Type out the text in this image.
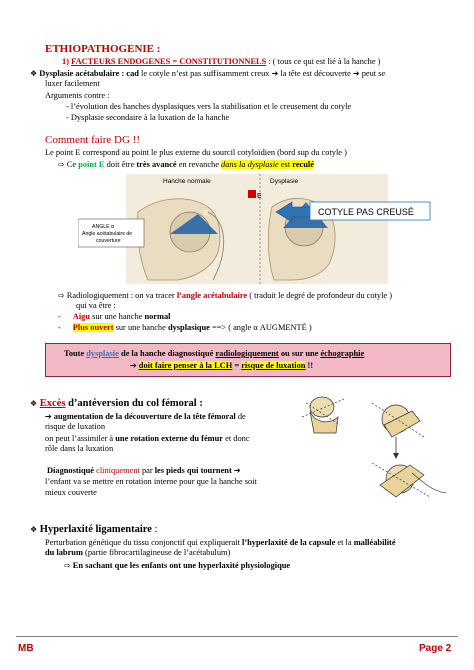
ETHIOPATHOGENIE :
1) FACTEURS ENDOGENES = CONSTITUTIONNELS : ( tous ce qui est lié à la hanche )
❖ Dysplasie acétabulaire : cad le cotyle n’est pas suffisamment creux ➔ la tête est découverte ➔ peut se
luxer facilement
Arguments contre :
- l’évolution des hanches dysplasiques vers la stabilisation et le creusement du cotyle
- Dysplasie secondaire à la luxation de la hanche
Comment faire DG !!
Le point E correspond au point le plus externe du sourcil cotyloïdien (bord sup du cotyle )
⇨ Ce point E doit être très avancé en revanche dans la dysplasie est reculé
E
Hanche normale
E
Dysplasie
ANGLE α
Angle acétabulaire de
couverture
COTYLE PAS CREUSÉ
⇨ Radiologiquement : on va tracer l’angle acétabulaire ( traduit le degré de profondeur du cotyle )
qui va être :
- Aigu sur une hanche normal
- Plus ouvert sur une hanche dysplasique ==> ( angle α AUGMENTÉ )
Toute dysplasie de la hanche diagnostiqué radiologiquement ou sur une échographie
➔ doit faire penser à la LCH = risque de luxation !!
❖ Excès d’antéversion du col fémoral :
➔ augmentation de la découverture de la tête fémoral de
risque de luxation
on peut l’assimiler à une rotation externe du fémur et donc
rôle dans la luxation
Diagnostiqué cliniquement par les pieds qui tournent ➔
l’enfant va se mettre en rotation interne pour que la hanche soit
mieux couverte
❖ Hyperlaxité ligamentaire :
Perturbation génétique du tissu conjonctif qui expliquerait l’hyperlaxité de la capsule et la malléabilité
du labrum (partie fibrocartilagineuse de l’acétabulum)
⇨ En sachant que les enfants ont une hyperlaxité physiologique
MB	Page 2
